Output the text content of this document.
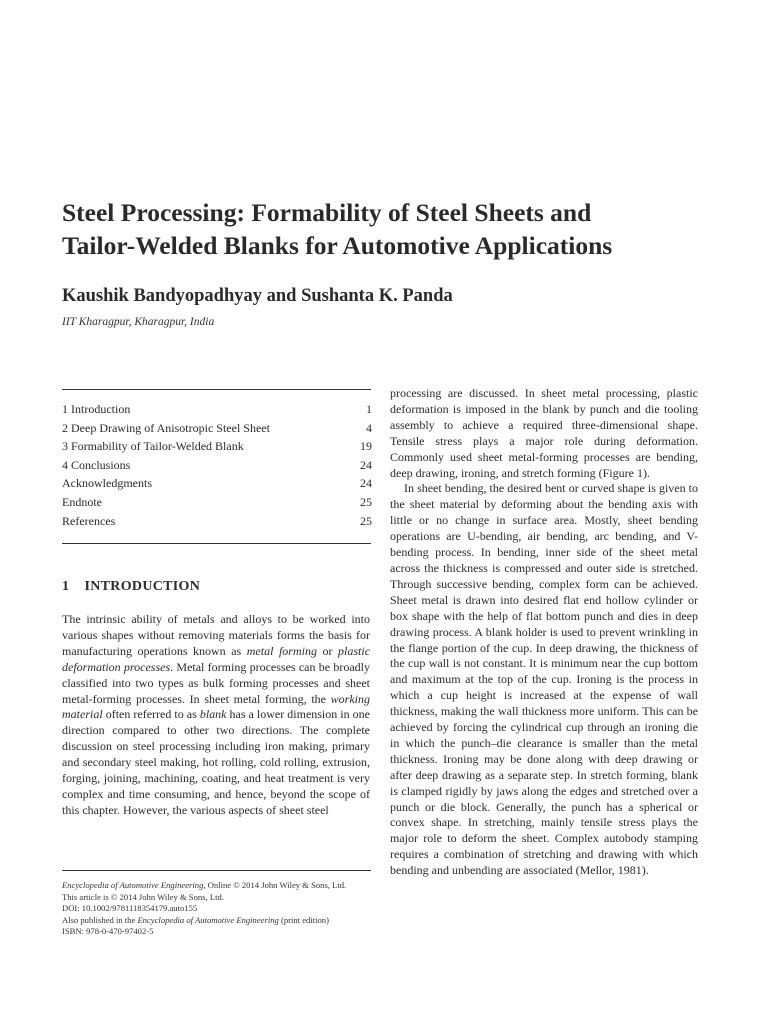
Steel Processing: Formability of Steel Sheets and
Tailor-Welded Blanks for Automotive Applications
Kaushik Bandyopadhyay and Sushanta K. Panda
IIT Kharagpur, Kharagpur, India
1 Introduction	1
2 Deep Drawing of Anisotropic Steel Sheet	4
3 Formability of Tailor-Welded Blank	19
4 Conclusions	24
Acknowledgments	24
Endnote	25
References	25
1 INTRODUCTION

The intrinsic ability of metals and alloys to be worked into various shapes without removing materials forms the basis for manufacturing operations known as metal forming or plastic deformation processes. Metal forming processes can be broadly classified into two types as bulk forming processes and sheet metal-forming processes. In sheet metal forming, the working material often referred to as blank has a lower dimension in one direction compared to other two directions. The complete discussion on steel processing including iron making, primary and secondary steel making, hot rolling, cold rolling, extrusion, forging, joining, machining, coating, and heat treatment is very complex and time consuming, and hence, beyond the scope of this chapter. However, the various aspects of sheet steel

processing are discussed. In sheet metal processing, plastic deformation is imposed in the blank by punch and die tooling assembly to achieve a required three-dimensional shape. Tensile stress plays a major role during deformation. Commonly used sheet metal-forming processes are bending, deep drawing, ironing, and stretch forming (Figure 1).

In sheet bending, the desired bent or curved shape is given to the sheet material by deforming about the bending axis with little or no change in surface area. Mostly, sheet bending operations are U-bending, air bending, arc bending, and V-bending process. In bending, inner side of the sheet metal across the thickness is compressed and outer side is stretched. Through successive bending, complex form can be achieved. Sheet metal is drawn into desired flat end hollow cylinder or box shape with the help of flat bottom punch and dies in deep drawing process. A blank holder is used to prevent wrinkling in the flange portion of the cup. In deep drawing, the thickness of the cup wall is not constant. It is minimum near the cup bottom and maximum at the top of the cup. Ironing is the process in which a cup height is increased at the expense of wall thickness, making the wall thickness more uniform. This can be achieved by forcing the cylindrical cup through an ironing die in which the punch–die clearance is smaller than the metal thickness. Ironing may be done along with deep drawing or after deep drawing as a separate step. In stretch forming, blank is clamped rigidly by jaws along the edges and stretched over a punch or die block. Generally, the punch has a spherical or convex shape. In stretching, mainly tensile stress plays the major role to deform the sheet. Complex autobody stamping requires a combination of stretching and drawing with which bending and unbending are associated (Mellor, 1981).

Encyclopedia of Automotive Engineering, Online © 2014 John Wiley & Sons, Ltd.
This article is © 2014 John Wiley & Sons, Ltd.
DOI: 10.1002/9781118354179.auto155
Also published in the Encyclopedia of Automotive Engineering (print edition)
ISBN: 978-0-470-97402-5
